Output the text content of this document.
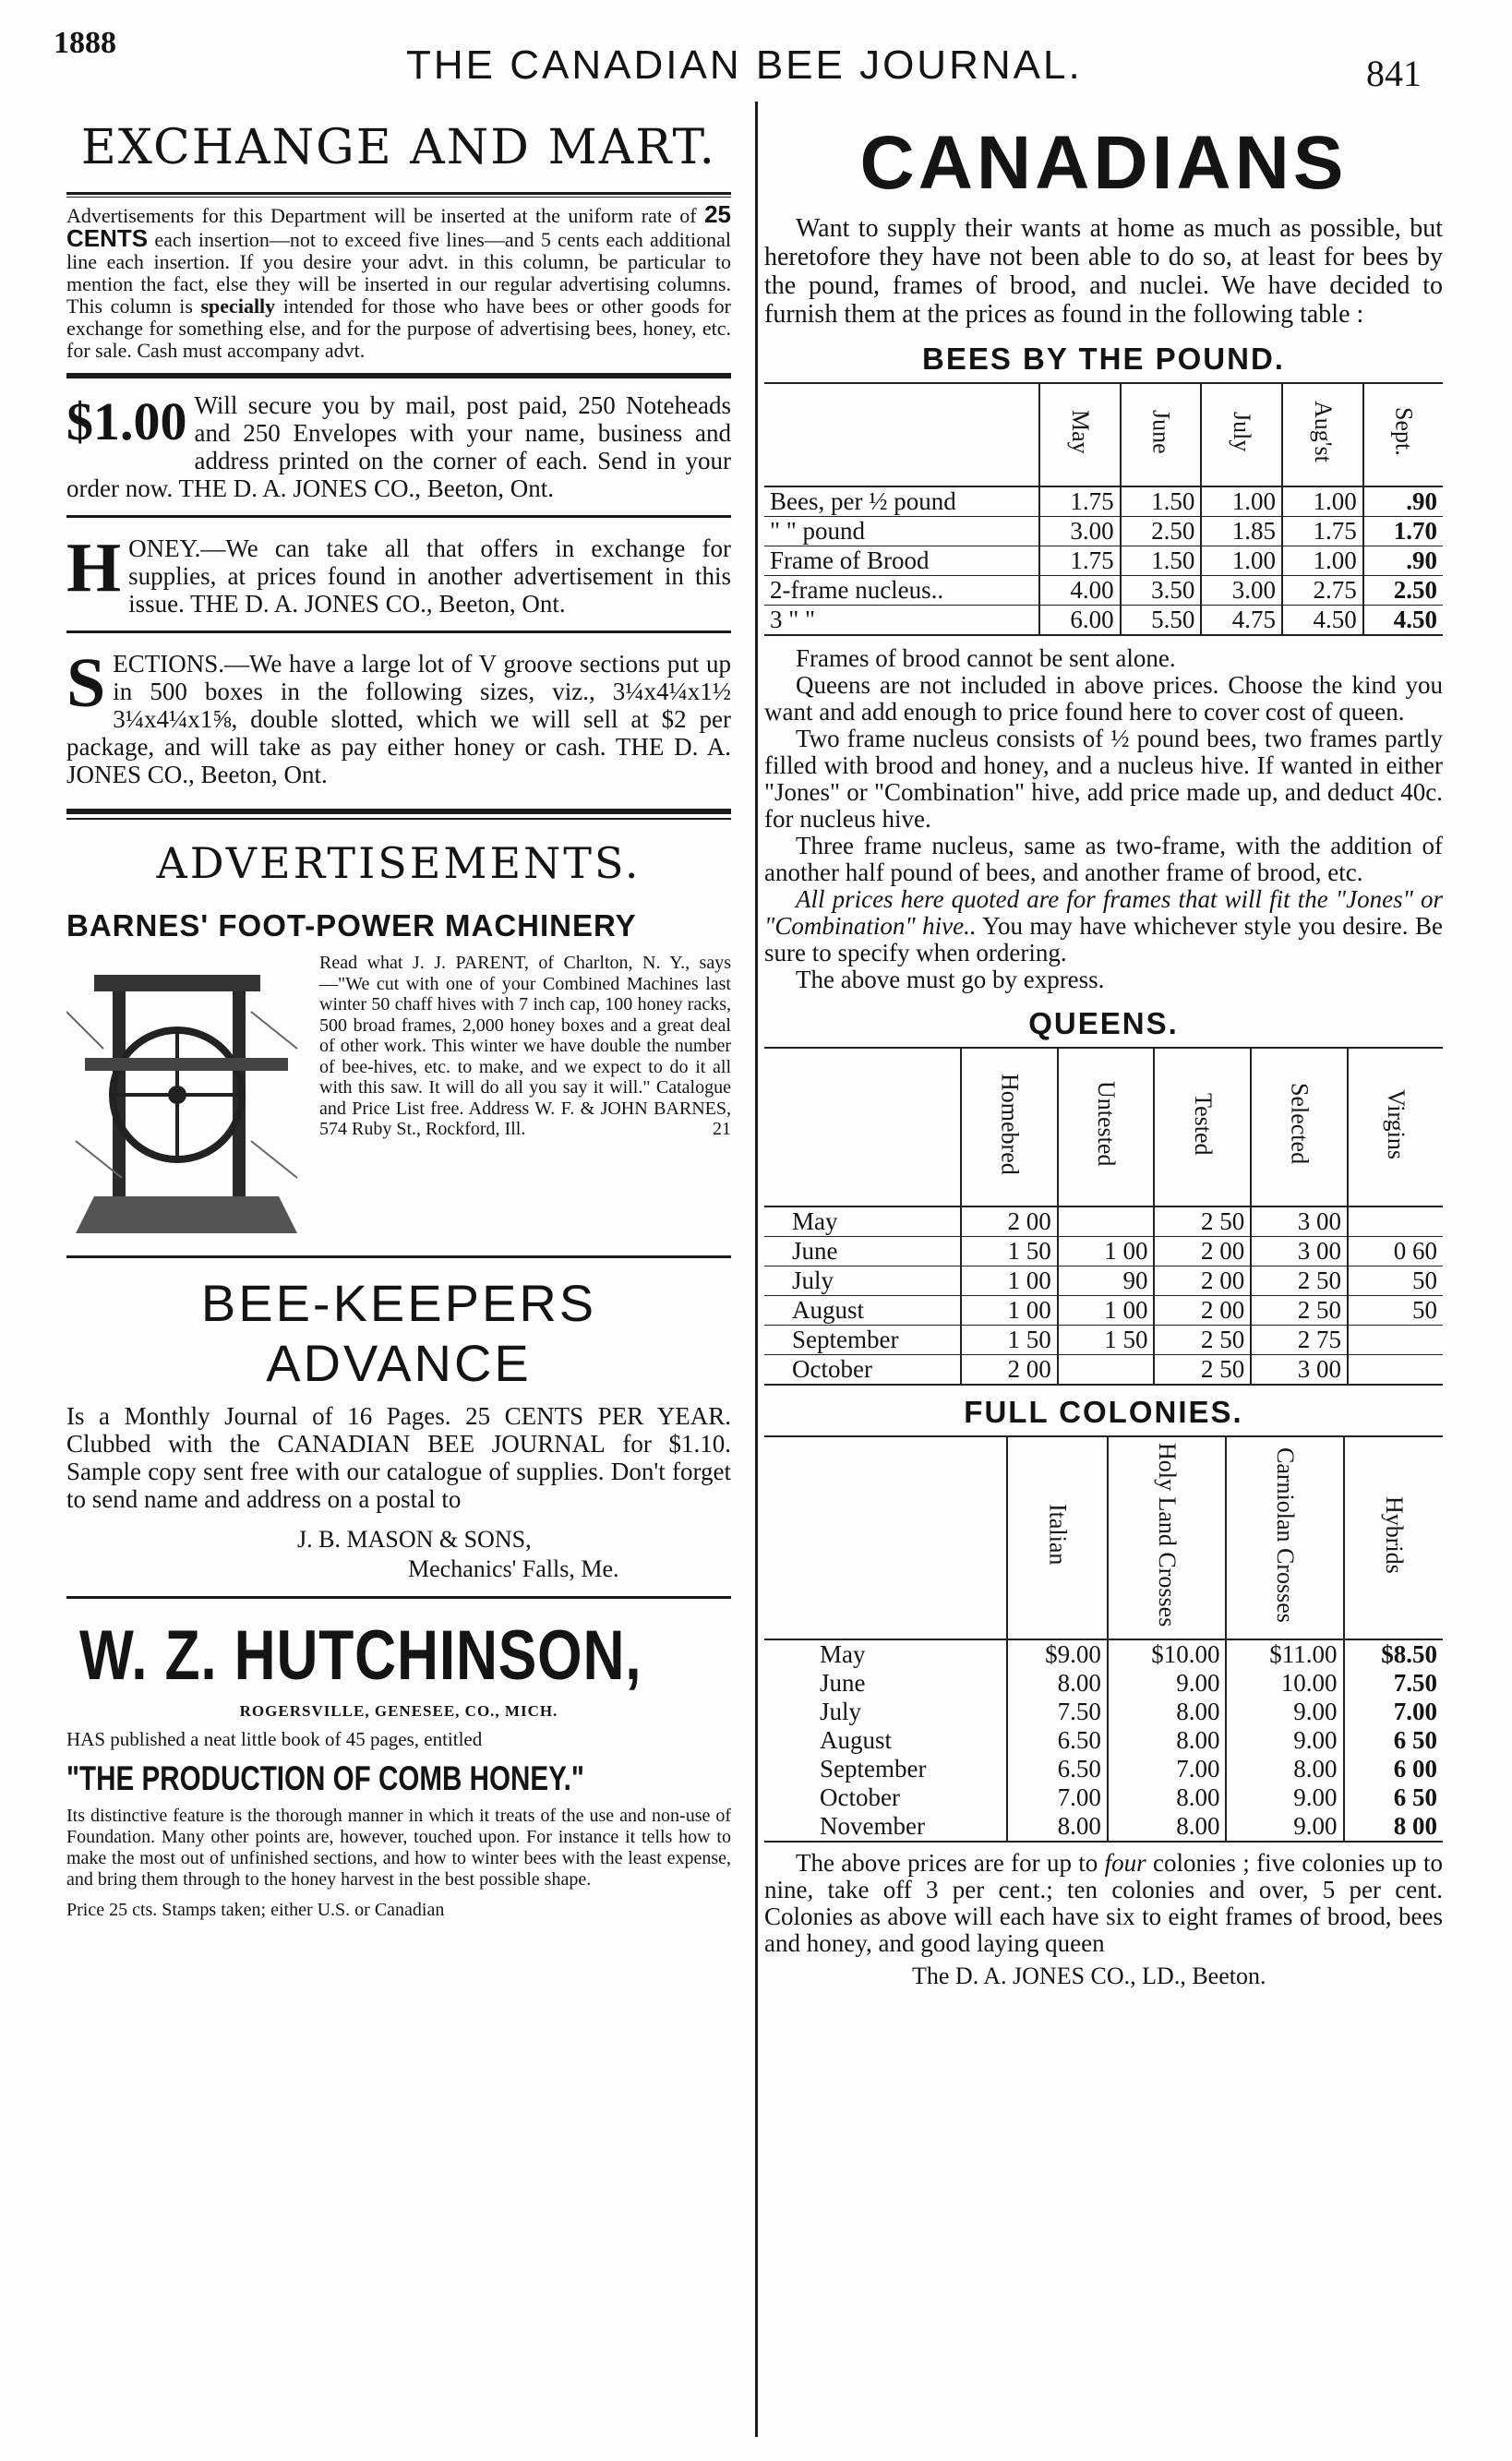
1888	THE CANADIAN BEE JOURNAL.	841
EXCHANGE AND MART.
Advertisements for this Department will be inserted at the uniform rate of 25 CENTS each insertion—not to exceed five lines—and 5 cents each additional line each insertion. If you desire your advt. in this column, be particular to mention the fact, else they will be inserted in our regular advertising columns. This column is specially intended for those who have bees or other goods for exchange for something else, and for the purpose of advertising bees, honey, etc. for sale. Cash must accompany advt.
$1.00 Will secure you by mail, post paid, 250 Noteheads and 250 Envelopes with your name, business and address printed on the corner of each. Send in your order now. THE D. A. JONES CO., Beeton, Ont.
HONEY.—We can take all that offers in exchange for supplies, at prices found in another advertisement in this issue. THE D. A. JONES CO., Beeton, Ont.
SECTIONS.—We have a large lot of V groove sections put up in 500 boxes in the following sizes, viz., 3¼x4¼x1½ 3¼x4¼x1⅝, double slotted, which we will sell at $2 per package, and will take as pay either honey or cash. THE D. A. JONES CO., Beeton, Ont.
ADVERTISEMENTS.
BARNES' FOOT-POWER MACHINERY
Read what J. J. PARENT, of Charlton, N. Y., says—"We cut with one of your Combined Machines last winter 50 chaff hives with 7 inch cap, 100 honey racks, 500 broad frames, 2,000 honey boxes and a great deal of other work. This winter we have double the number of bee-hives, etc. to make, and we expect to do it all with this saw. It will do all you say it will." Catalogue and Price List free. Address W. F. & JOHN BARNES, 574 Ruby St., Rockford, Ill.	21
BEE-KEEPERS ADVANCE
Is a Monthly Journal of 16 Pages. 25 CENTS PER YEAR. Clubbed with the CANADIAN BEE JOURNAL for $1.10. Sample copy sent free with our catalogue of supplies. Don't forget to send name and address on a postal to
J. B. MASON & SONS,
Mechanics' Falls, Me.
W. Z. HUTCHINSON,
ROGERSVILLE, GENESEE, CO., MICH.
HAS published a neat little book of 45 pages, entitled
"THE PRODUCTION OF COMB HONEY."
Its distinctive feature is the thorough manner in which it treats of the use and non-use of Foundation. Many other points are, however, touched upon. For instance it tells how to make the most out of unfinished sections, and how to winter bees with the least expense, and bring them through to the honey harvest in the best possible shape.
Price 25 cts. Stamps taken; either U.S. or Canadian
CANADIANS
Want to supply their wants at home as much as possible, but heretofore they have not been able to do so, at least for bees by the pound, frames of brood, and nuclei. We have decided to furnish them at the prices as found in the following table :
BEES BY THE POUND.
	May	June	July	Aug'st	Sept.
Bees, per ½ pound	1.75	1.50	1.00	1.00	.90
" " pound	3.00	2.50	1.85	1.75	1.70
Frame of Brood	1.75	1.50	1.00	1.00	.90
2-frame nucleus..	4.00	3.50	3.00	2.75	2.50
3 " "	6.00	5.50	4.75	4.50	4.50
Frames of brood cannot be sent alone.
Queens are not included in above prices. Choose the kind you want and add enough to price found here to cover cost of queen.
Two frame nucleus consists of ½ pound bees, two frames partly filled with brood and honey, and a nucleus hive. If wanted in either "Jones" or "Combination" hive, add price made up, and deduct 40c. for nucleus hive.
Three frame nucleus, same as two-frame, with the addition of another half pound of bees, and another frame of brood, etc.
All prices here quoted are for frames that will fit the "Jones" or "Combination" hive.. You may have whichever style you desire. Be sure to specify when ordering.
The above must go by express.
QUEENS.
	Homebred	Untested	Tested	Selected	Virgins
May	2 00		2 50	3 00	
June	1 50	1 00	2 00	3 00	0 60
July	1 00	90	2 00	2 50	50
August	1 00	1 00	2 00	2 50	50
September	1 50	1 50	2 50	2 75	
October	2 00		2 50	3 00	
FULL COLONIES.
	Italian	Holy Land Crosses	Carniolan Crosses	Hybrids
May	$9.00	$10.00	$11.00	$8.50
June	8.00	9.00	10.00	7.50
July	7.50	8.00	9.00	7.00
August	6.50	8.00	9.00	6 50
September	6.50	7.00	8.00	6 00
October	7.00	8.00	9.00	6 50
November	8.00	8.00	9.00	8 00
The above prices are for up to four colonies ; five colonies up to nine, take off 3 per cent.; ten colonies and over, 5 per cent. Colonies as above will each have six to eight frames of brood, bees and honey, and good laying queen
The D. A. JONES CO., LD., Beeton.
